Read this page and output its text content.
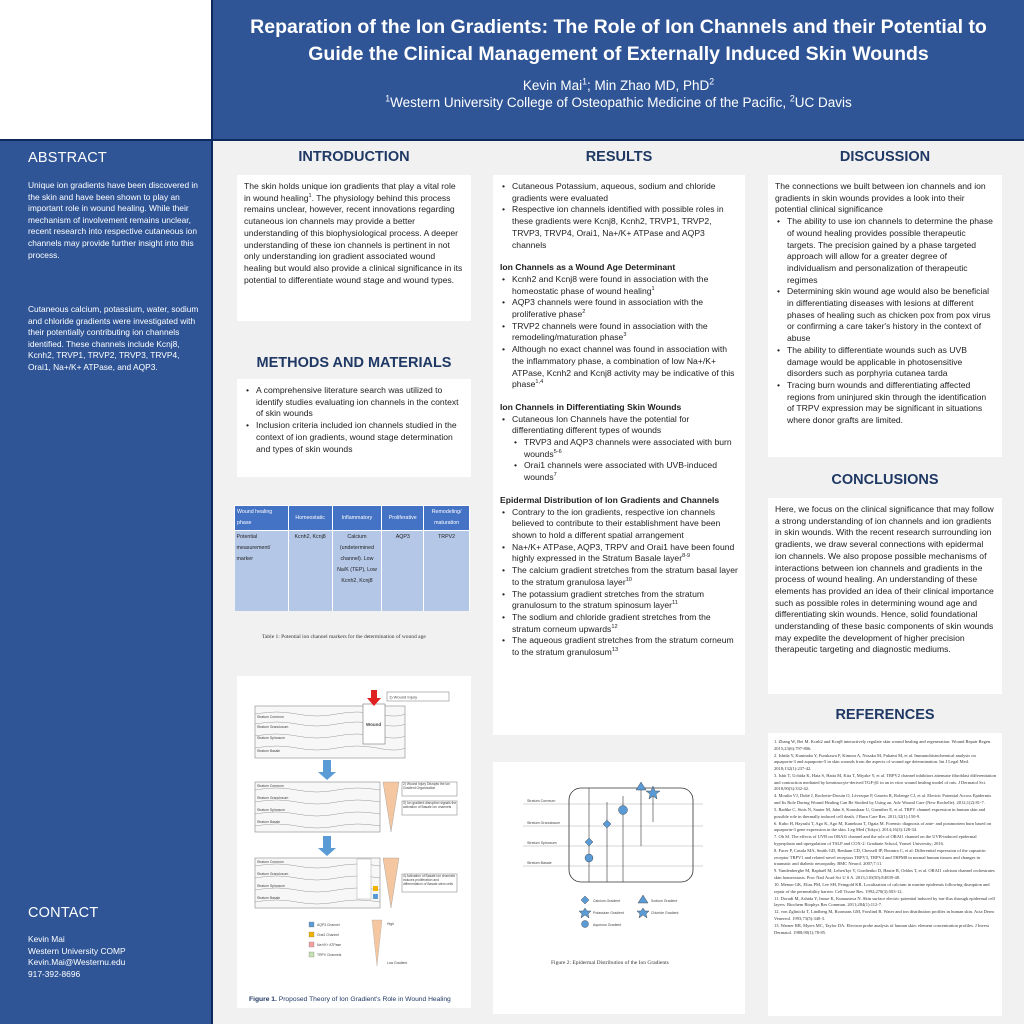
Reparation of the Ion Gradients: The Role of Ion Channels and their Potential to
Guide the Clinical Management of Externally Induced Skin Wounds
Kevin Mai$^1$; Min Zhao MD, PhD$^2$
$^1$Western University College of Osteopathic Medicine of the Pacific, $^2$UC Davis
ABSTRACT
Unique ion gradients have been discovered in the skin and have been shown to play an important role in wound healing. While their mechanism of involvement remains unclear, recent research into respective cutaneous ion channels may provide further insight into this process.
Cutaneous calcium, potassium, water, sodium and chloride gradients were investigated with their potentially contributing ion channels identified. These channels include Kcnj8, Kcnh2, TRVP1, TRVP2, TRVP3, TRVP4, Orai1, Na+/K+ ATPase, and AQP3.
CONTACT
Kevin Mai
Western University COMP
Kevin.Mai@Westernu.edu
917-392-8696
INTRODUCTION
The skin holds unique ion gradients that play a vital role in wound healing$^1$. The physiology behind this process remains unclear, however, recent innovations regarding cutaneous ion channels may provide a better understanding of this biophysiological process. A deeper understanding of these ion channels is pertinent in not only understanding ion gradient associated wound healing but would also provide a clinical significance in its potential to differentiate wound stage and wound types.
METHODS AND MATERIALS
• A comprehensive literature search was utilized to identify studies evaluating ion channels in the context of skin wounds
• Inclusion criteria included ion channels studied in the context of ion gradients, wound stage determination and types of skin wounds
Wound healing phase	Homeostatic	Inflammatory	Proliferative	Remodeling/ maturation
Potential measurement/ marker	Kcnh2, Kcnj8	Calcium (undetermined channel). Low Na/K (TEP), Low Kcnh2, Kcnj8	AQP3	TRPV2
Table 1: Potential ion channel markers for the determination of wound age
Wound
1) Wound Injury
Stratum Corneum
Stratum Granulosum
Stratum Spinosum
Stratum Basale
Stratum Corneum
Stratum Granulosum
Stratum Spinosum
Stratum Basale
2) Wound injury Disrupts the Ion Gradient Organization
3) Ion gradient disruption signals the activation of Basale Ion channels
Stratum Corneum
Stratum Granulosum
Stratum Spinosum
Stratum Basale
4) Activation of Basale ion channels induces proliferation and differentiation of Basale stem cells
AQP3 Channel
Orai1 Channel
Na+/K+ ATPase
TRPV Channels
High
Low Gradient
Figure 1. Proposed Theory of Ion Gradient's Role in Wound Healing
RESULTS
• Cutaneous Potassium, aqueous, sodium and chloride gradients were evaluated
• Respective ion channels identified with possible roles in these gradients were Kcnj8, Kcnh2, TRVP1, TRVP2, TRVP3, TRVP4, Orai1, Na+/K+ ATPase and AQP3 channels
Ion Channels as a Wound Age Determinant
• Kcnh2 and Kcnj8 were found in association with the homeostatic phase of wound healing$^1$
• AQP3 channels were found in association with the proliferative phase$^2$
• TRVP2 channels were found in association with the remodeling/maturation phase$^3$
• Although no exact channel was found in association with the inflammatory phase, a combination of low Na+/K+ ATPase, Kcnh2 and Kcnj8 activity may be indicative of this phase$^{1,4}$
Ion Channels in Differentiating Skin Wounds
• Cutaneous Ion Channels have the potential for differentiating different types of wounds
• TRVP3 and AQP3 channels were associated with burn wounds$^{5-6}$
• Orai1 channels were associated with UVB-induced wounds$^7$
Epidermal Distribution of Ion Gradients and Channels
• Contrary to the ion gradients, respective ion channels believed to contribute to their establishment have been shown to hold a different spatial arrangement
• Na+/K+ ATPase, AQP3, TRPV and Orai1 have been found highly expressed in the Stratum Basale layer$^{8-9}$
• The calcium gradient stretches from the stratum basal layer to the stratum granulosa layer$^{10}$
• The potassium gradient stretches from the stratum granulosum to the stratum spinosum layer$^{11}$
• The sodium and chloride gradient stretches from the stratum corneum upwards$^{12}$
• The aqueous gradient stretches from the stratum corneum to the stratum granulosum$^{13}$
Stratum Corneum
Stratum Granulosum
Stratum Spinosum
Stratum Basale
Calcium Gradient	Sodium Gradient
Potassium Gradient	Chloride Gradient
Aqueous Gradient
Figure 2: Epidermal Distribution of the Ion Gradients
DISCUSSION
The connections we built between ion channels and ion gradients in skin wounds provides a look into their potential clinical significance
• The ability to use ion channels to determine the phase of wound healing provides possible therapeutic targets. The precision gained by a phase targeted approach will allow for a greater degree of individualism and personalization of therapeutic regimes
• Determining skin wound age would also be beneficial in differentiating diseases with lesions at different phases of healing such as chicken pox from pox virus or confirming a care taker's history in the context of abuse
• The ability to differentiate wounds such as UVB damage would be applicable in photosensitive disorders such as porphyria cutanea tarda
• Tracing burn wounds and differentiating affected regions from uninjured skin through the identification of TRPV expression may be significant in situations where donor grafts are limited.
CONCLUSIONS
Here, we focus on the clinical significance that may follow a strong understanding of ion channels and ion gradients in skin wounds. With the recent research surrounding ion gradients, we draw several connections with epidermal ion channels. We also propose possible mechanisms of interactions between ion channels and gradients in the process of wound healing. An understanding of these elements has provided an idea of their clinical importance such as possible roles in determining wound age and differentiating skin wounds. Hence, solid foundational understanding of these basic components of skin wounds may expedite the development of higher precision therapeutic targeting and diagnostic mediums.
REFERENCES
1. Zhang W, Bei M. Kcnh2 and Kcnj8 interactively regulate skin wound healing and regeneration. Wound Repair Regen. 2015;23(6):797-806.
2. Ishida Y, Kuninaka Y, Furukawa F, Kimura A, Nosaka M, Fukami M, et al. Immunohistochemical analysis on aquaporin-3 and aquaporin-5 in skin wounds from the aspects of wound age determination. Int J Legal Med. 2018;132(1):237-42.
3. Ishii T, Uchida K, Hata S, Hatta M, Kita T, Miyake Y, et al. TRPV2 channel inhibitors attenuate fibroblast differentiation and contraction mediated by keratinocyte-derived TGF-β1 in an in vitro wound healing model of rats. J Dermatol Sci. 2018;90(3):332-42.
4. Moulin VJ, Dubé J, Rochette-Drouin O, Lévesque P, Gauvin R, Roberge CJ, et al. Electric Potential Across Epidermis and Its Role During Wound Healing Can Be Studied by Using an. Adv Wound Care (New Rochelle). 2012;1(2):81-7.
5. Radtke C, Sinis N, Sauter M, Jahn S, Kraushaar U, Guenther E, et al. TRPV channel expression in human skin and possible role in thermally induced cell death. J Burn Care Res. 2011;32(1):150-9.
6. Kubo H, Hayashi T, Ago K, Ago M, Kanekura T, Ogata M. Forensic diagnosis of ante- and postmortem burn based on aquaporin-3 gene expression in the skin. Leg Med (Tokyo). 2014;16(3):128-34.
7. Oh SJ. The effects of UVB on ORAI1 channel and the role of ORAI1 channel on the UVB-induced epidermal hyperplasia and upregulation of TSLP and COX-2: Graduate School, Yonsei University; 2016.
8. Facer P, Casula MA, Smith GD, Benham CD, Chessell IP, Bountra C, et al. Differential expression of the capsaicin receptor TRPV1 and related novel receptors TRPV3, TRPV4 and TRPM8 in normal human tissues and changes in traumatic and diabetic neuropathy. BMC Neurol. 2007;7:11.
9. Vandenberghe M, Raphaël M, Lehen'kyi V, Gordienko D, Hastie R, Oddos T, et al. ORAI1 calcium channel orchestrates skin homeostasis. Proc Natl Acad Sci U S A. 2013;110(50):E4839-48.
10. Menon GK, Elias PM, Lee SH, Feingold KR. Localization of calcium in murine epidermis following disruption and repair of the permeability barrier. Cell Tissue Res. 1992;270(3):503-12.
11. Dorudi M, Ashida Y, Inoue K, Kumazawa N. Skin surface electric potential induced by ion-flux through epidermal cell layers. Biochem Biophys Res Commun. 2011;284(1):112-7.
12. von Zglinicki T, Lindberg M, Roomans GM, Forslind B. Water and ion distribution profiles in human skin. Acta Derm Venereol. 1993;73(5):340-3.
13. Warner RR, Myers MC, Taylor DA. Electron probe analysis of human skin: element concentration profiles. J Invest Dermatol. 1988;90(1):78-85.
